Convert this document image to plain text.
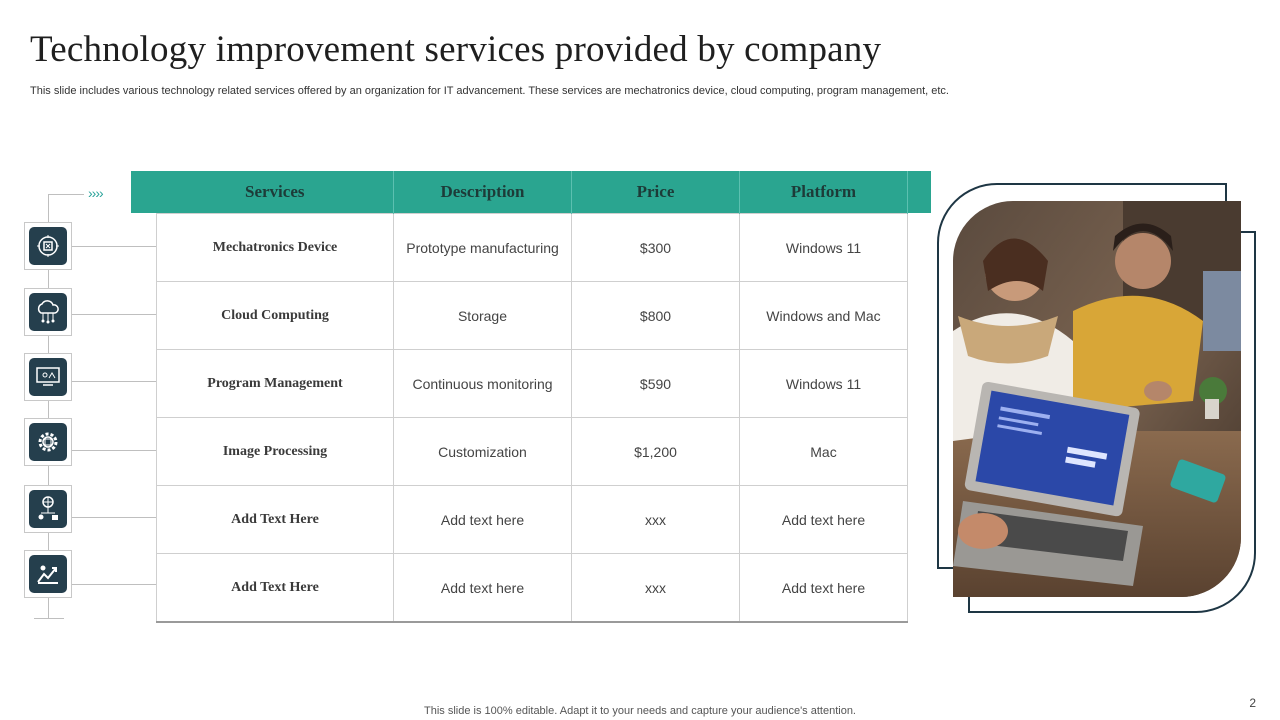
Technology improvement services provided by company
This slide includes various technology related services offered by an organization for IT advancement. These services are mechatronics device, cloud computing, program management, etc.
››››	Services	Description	Price	Platform
Mechatronics Device	Prototype manufacturing	$300	Windows 11
Cloud Computing	Storage	$800	Windows and Mac
Program Management	Continuous monitoring	$590	Windows 11
Image Processing	Customization	$1,200	Mac
Add Text Here	Add text here	xxx	Add text here
Add Text Here	Add text here	xxx	Add text here
This slide is 100% editable. Adapt it to your needs and capture your audience's attention.
2
